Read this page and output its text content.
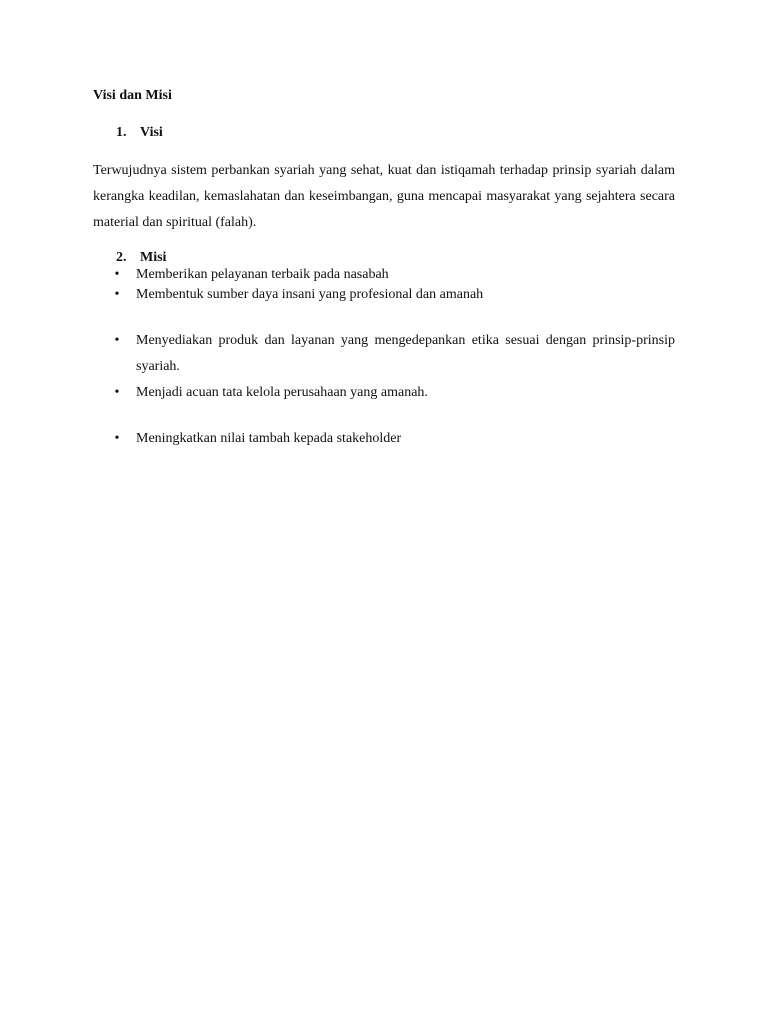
Visi dan Misi
1. Visi

Terwujudnya sistem perbankan syariah yang sehat, kuat dan istiqamah terhadap prinsip syariah dalam kerangka keadilan, kemaslahatan dan keseimbangan, guna mencapai masyarakat yang sejahtera secara material dan spiritual (falah).

2. Misi
• Memberikan pelayanan terbaik pada nasabah
• Membentuk sumber daya insani yang profesional dan amanah
• Menyediakan produk dan layanan yang mengedepankan etika sesuai dengan prinsip-prinsip syariah.
• Menjadi acuan tata kelola perusahaan yang amanah.
• Meningkatkan nilai tambah kepada stakeholder
